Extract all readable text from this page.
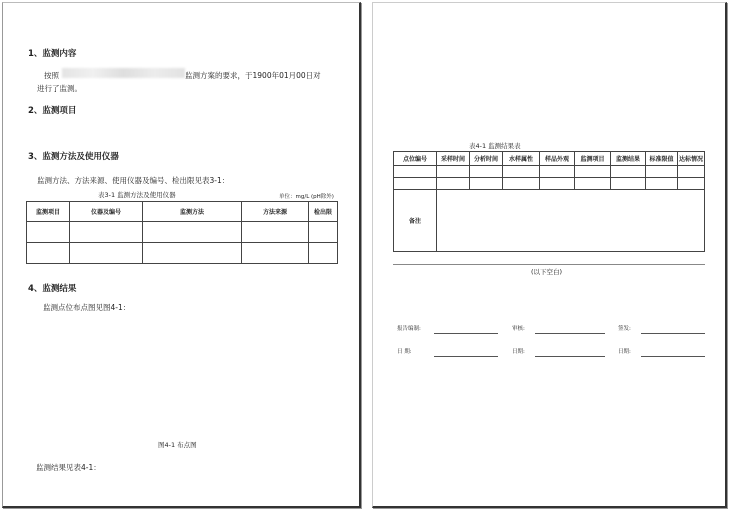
1、监测内容
按照	监测方案的要求，于1900年01月00日对
进行了监测。
2、监测项目
3、监测方法及使用仪器
监测方法、方法来源、使用仪器及编号、检出限见表3-1：
表3-1 监测方法及使用仪器	单位：mg/L (pH除外)
监测项目	仪器及编号	监测方法	方法来源	检出限

4、监测结果
监测点位布点图见图4-1：
图4-1 布点图
监测结果见表4-1：
表4-1 监测结果表
点位编号	采样时间	分析时间	水样属性	样品外观	监测项目	监测结果	标准限值	达标情况

备注								
(以下空白)
报告编制:	审核:	签发:
日 期:	日期:	日期:
